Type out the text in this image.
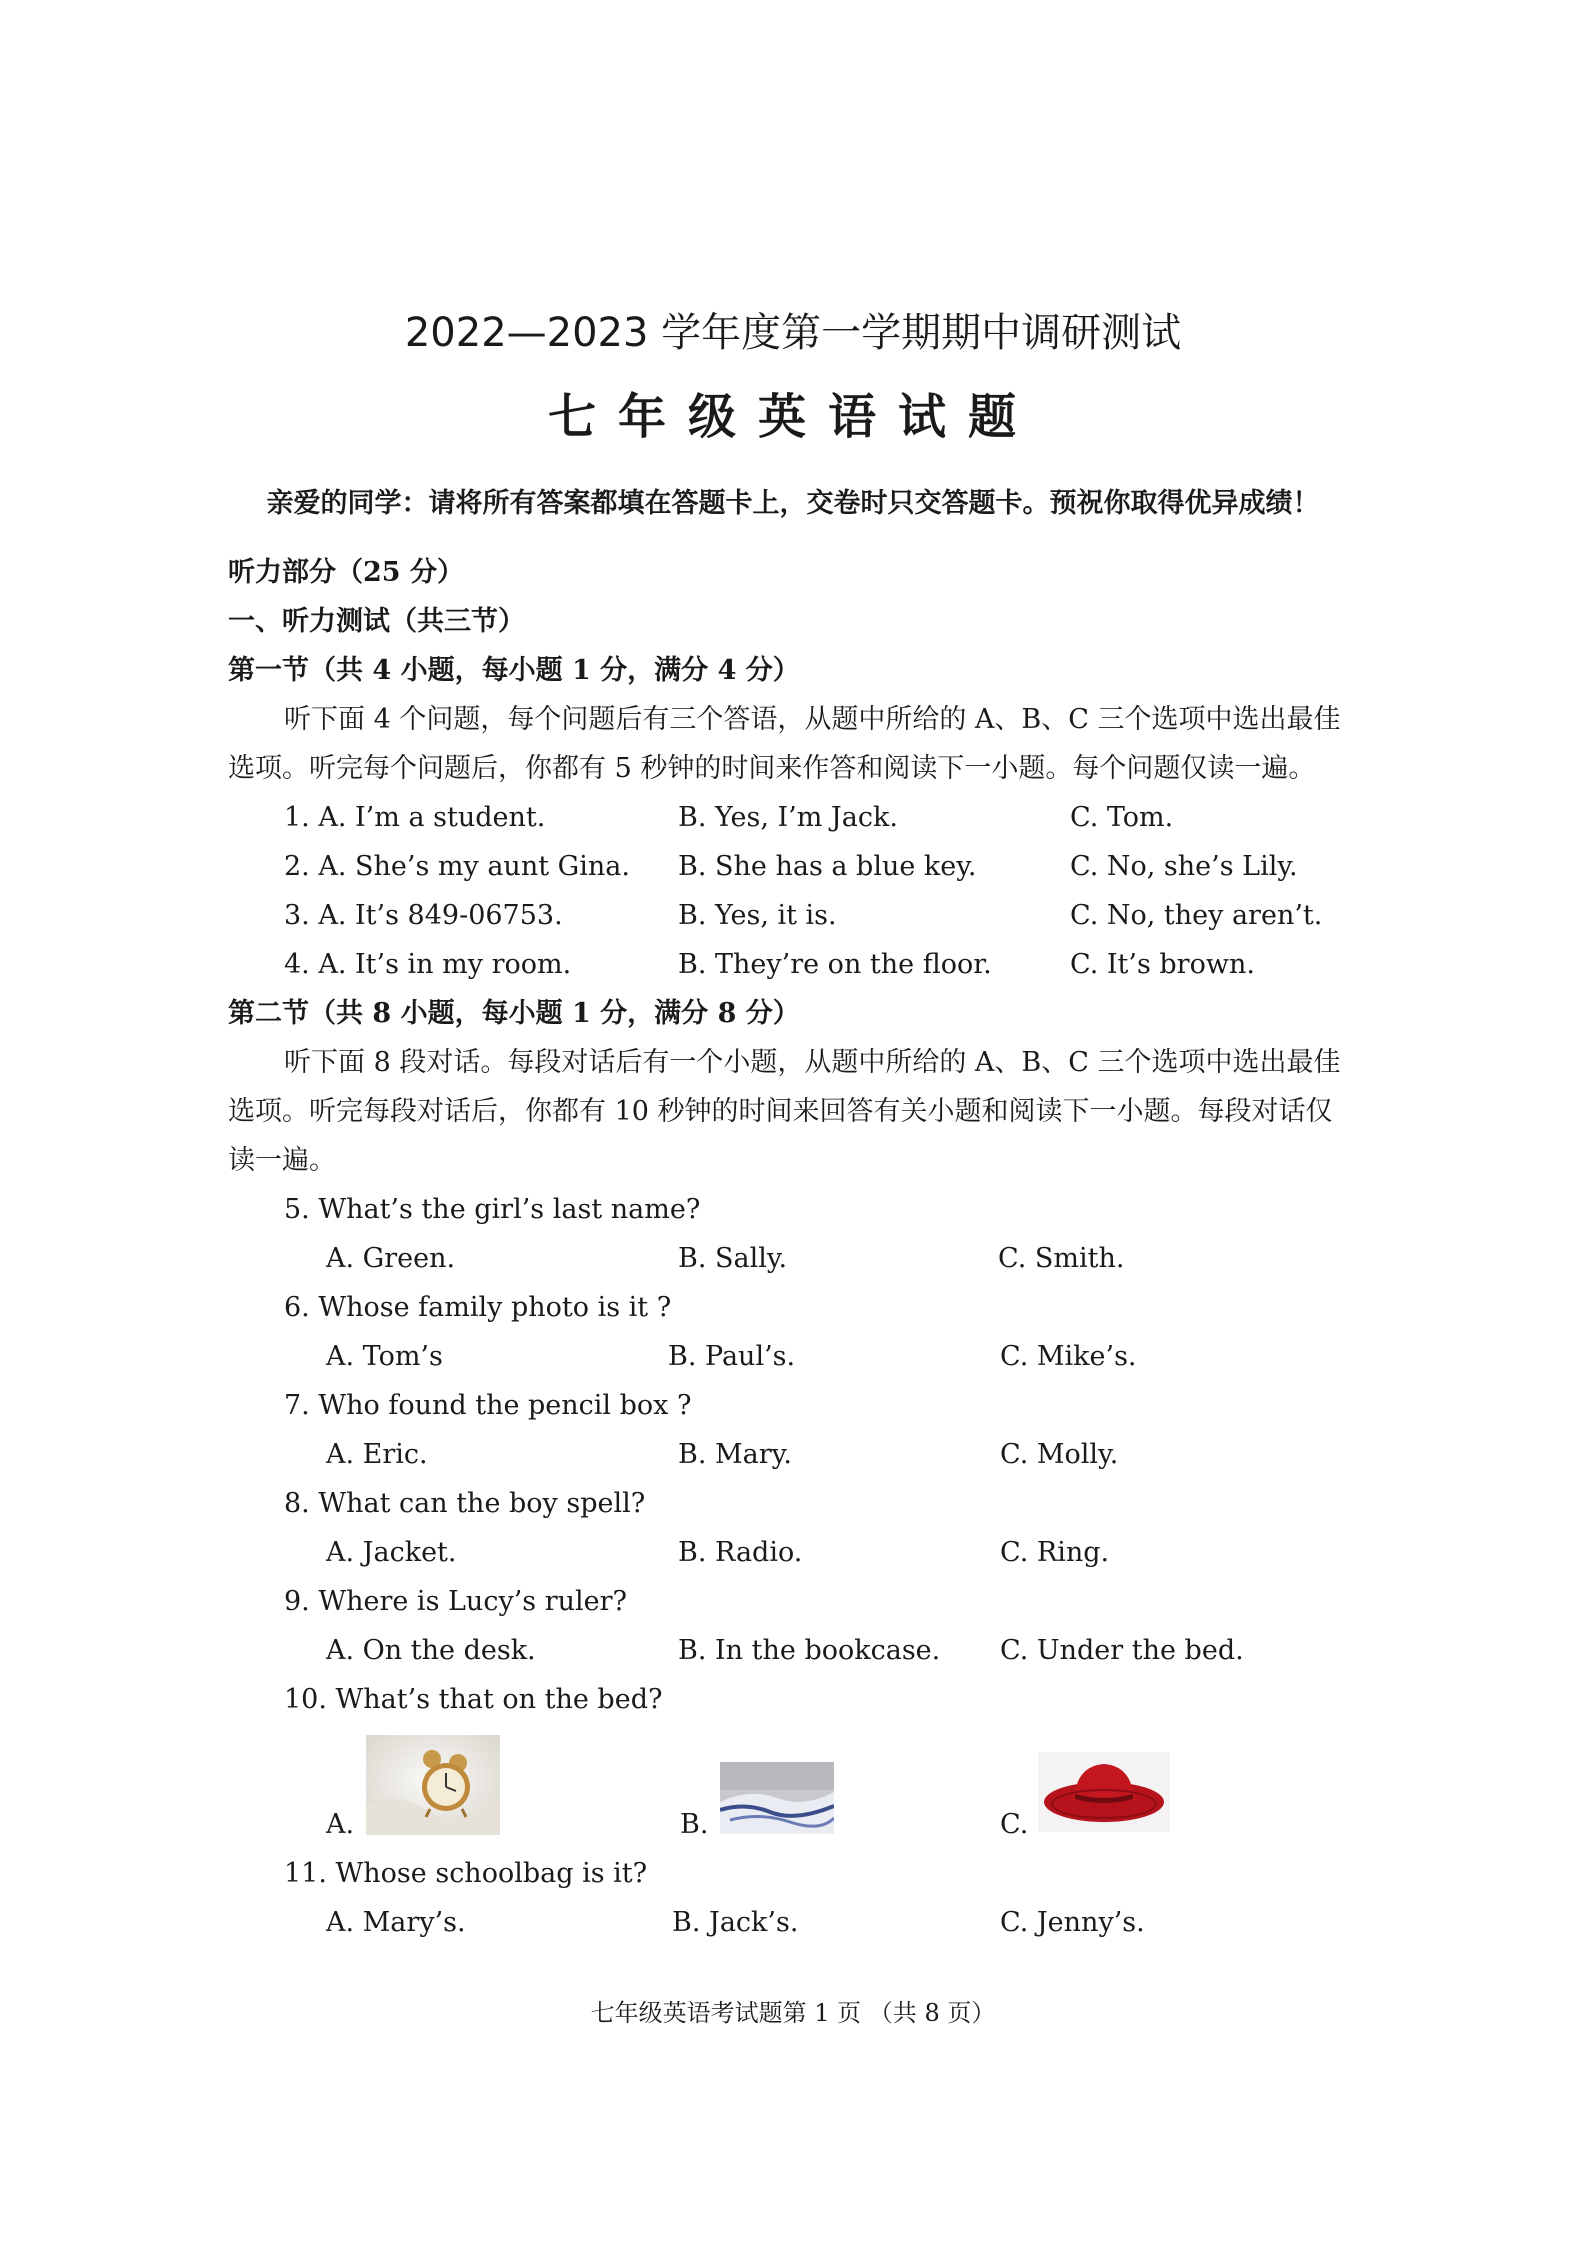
2022—2023 学年度第一学期期中调研测试
七年级英语试题
亲爱的同学：请将所有答案都填在答题卡上，交卷时只交答题卡。预祝你取得优异成绩！
听力部分（25 分）
一、听力测试（共三节）
第一节（共 4 小题，每小题 1 分，满分 4 分）
听下面 4 个问题，每个问题后有三个答语，从题中所给的 A、B、C 三个选项中选出最佳
选项。听完每个问题后，你都有 5 秒钟的时间来作答和阅读下一小题。每个问题仅读一遍。
1. A. I’m a student.	B. Yes, I’m Jack.	C. Tom.
2. A. She’s my aunt Gina. B. She has a blue key.	C. No, she’s Lily.
3. A. It’s 849-06753.	B. Yes, it is.	C. No, they aren’t.
4. A. It’s in my room.	B. They’re on the floor.	C. It’s brown.
第二节（共 8 小题，每小题 1 分，满分 8 分）
听下面 8 段对话。每段对话后有一个小题，从题中所给的 A、B、C 三个选项中选出最佳
选项。听完每段对话后，你都有 10 秒钟的时间来回答有关小题和阅读下一小题。每段对话仅
读一遍。
5. What’s the girl’s last name?
A. Green.	B. Sally.	C. Smith.
6. Whose family photo is it ?
A. Tom’s	B. Paul’s.	C. Mike’s.
7. Who found the pencil box ?
A. Eric.	B. Mary.	C. Molly.
8. What can the boy spell?
A. Jacket.	B. Radio.	C. Ring.
9. Where is Lucy’s ruler?
A. On the desk.	B. In the bookcase. C. Under the bed.
10. What’s that on the bed?
A.	B.	C.
11. Whose schoolbag is it?
A. Mary’s.	B. Jack’s.	C. Jenny’s.
七年级英语考试题第 1 页 （共 8 页）
